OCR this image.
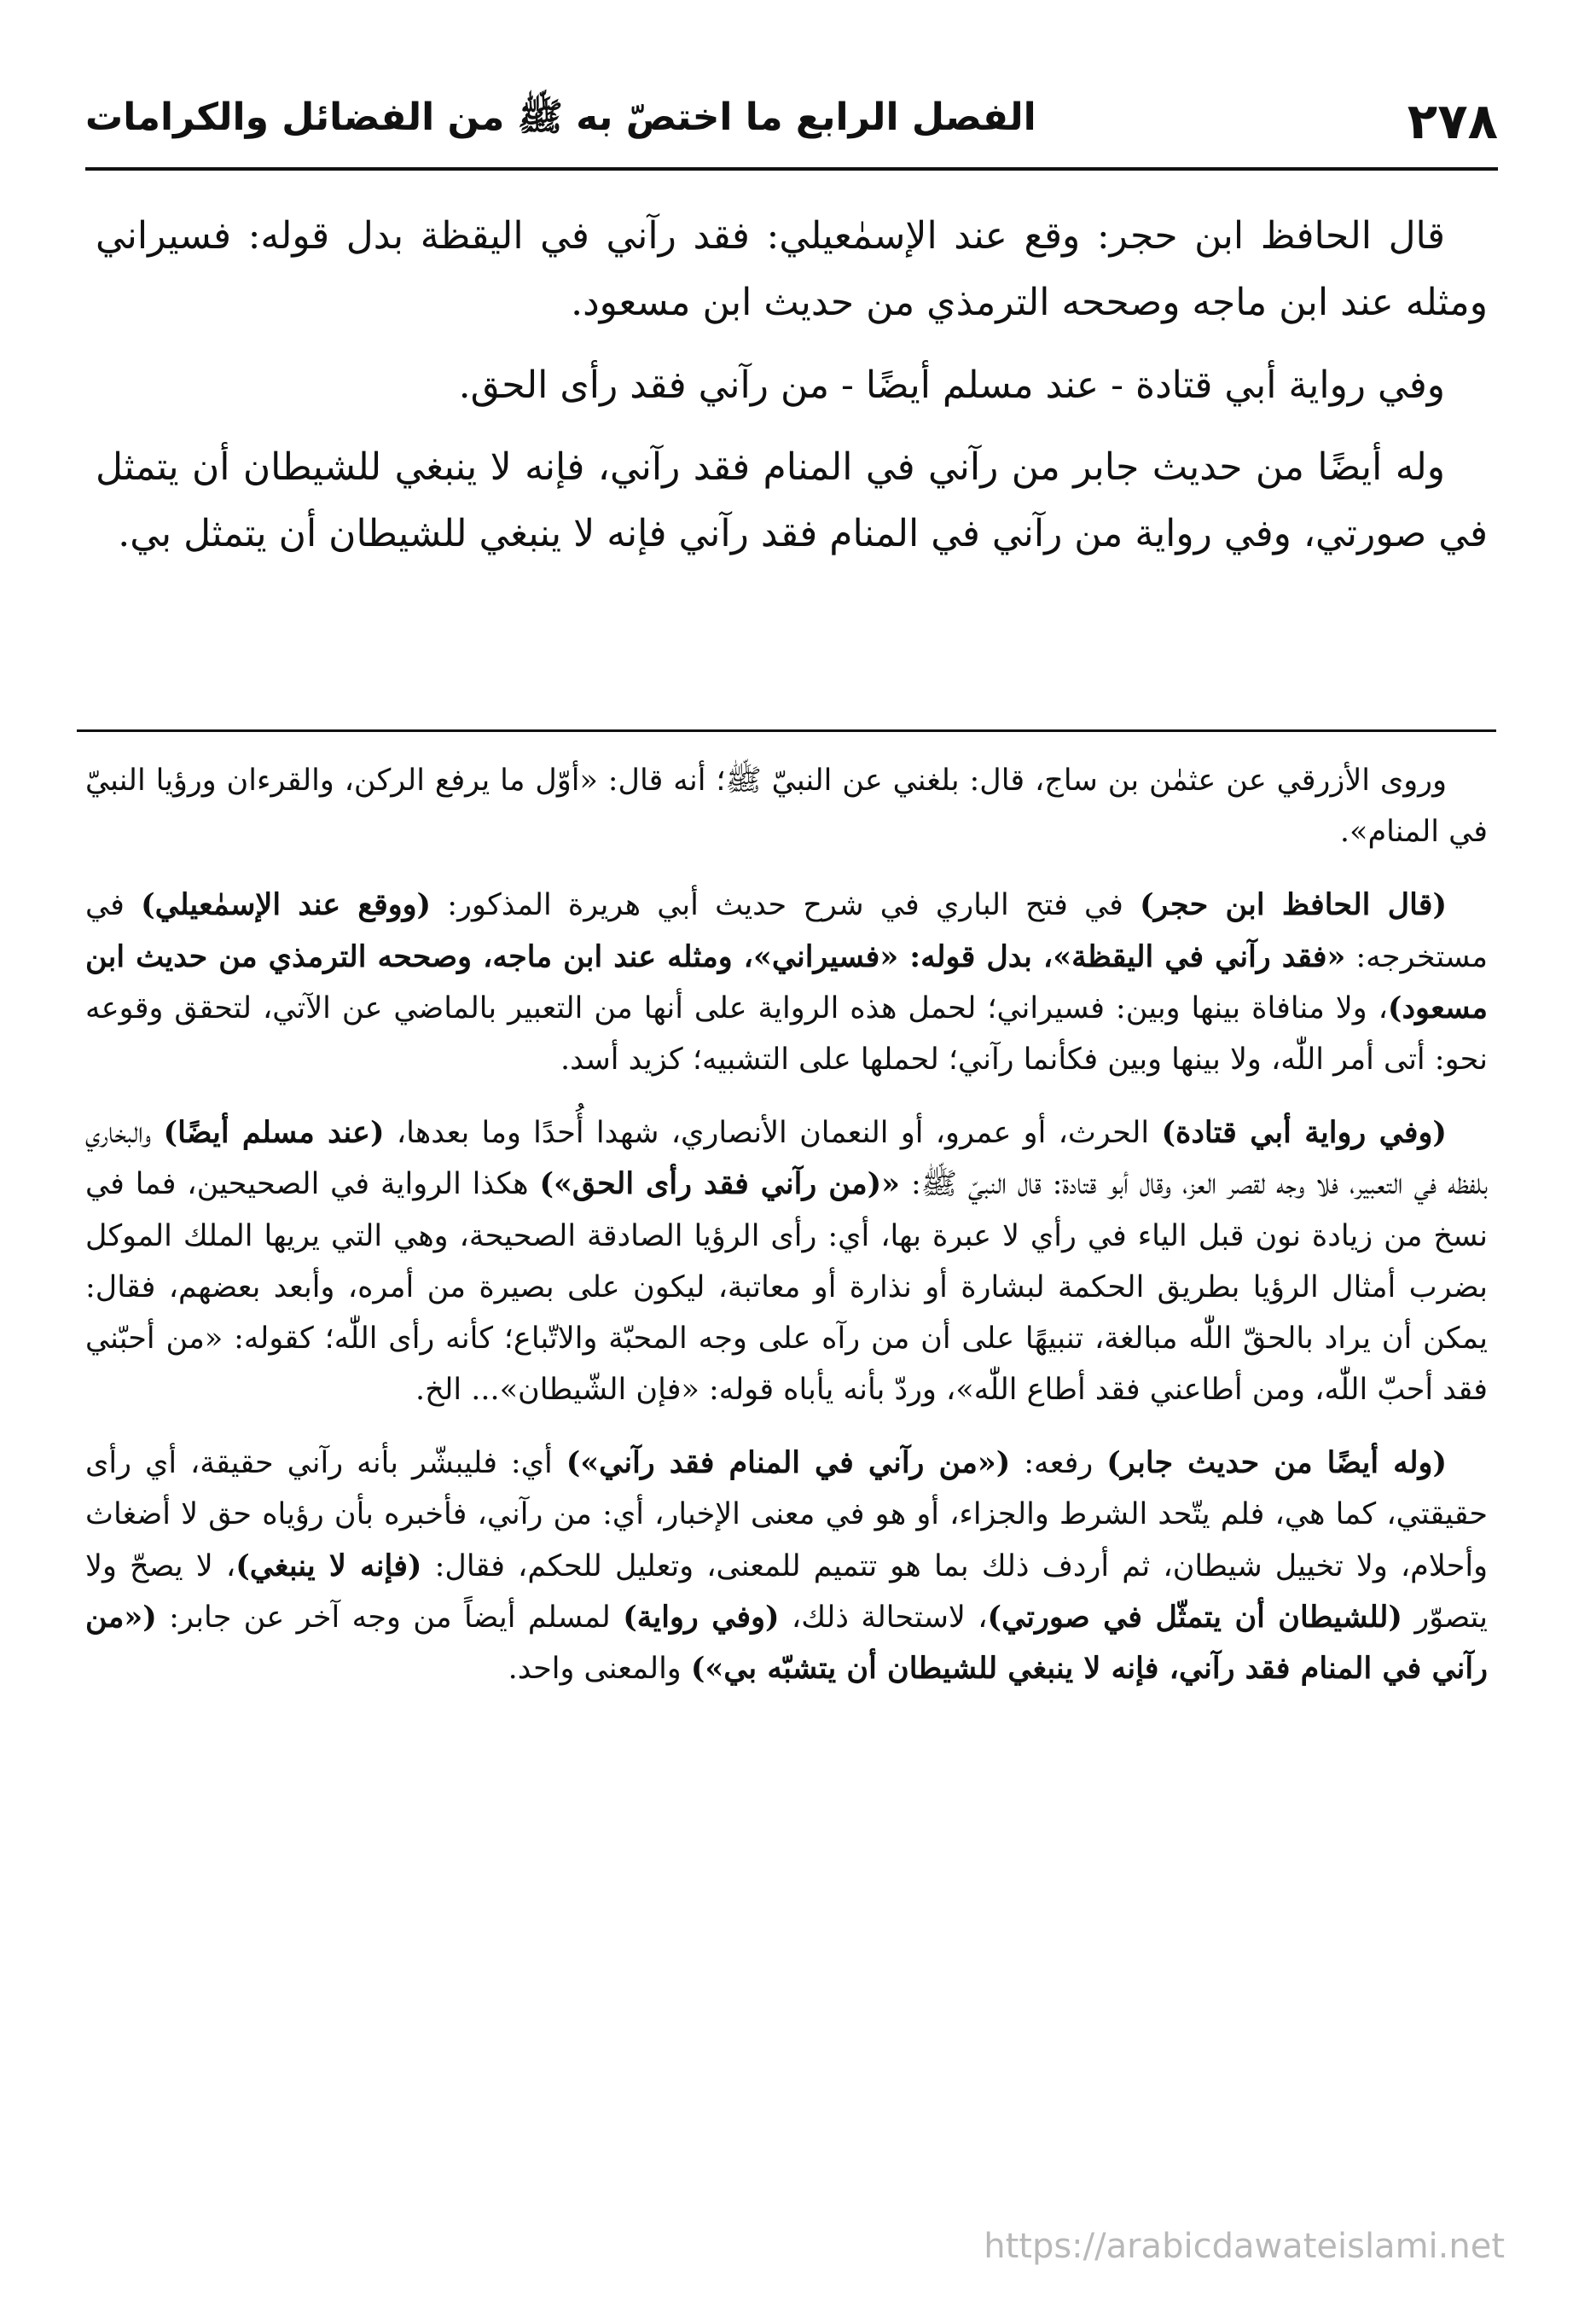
٢٧٨
الفصل الرابع ما اختصّ به ﷺ من الفضائل والكرامات

قال الحافظ ابن حجر: وقع عند الإسمٰعيلي: فقد رآني في اليقظة بدل قوله: فسيراني ومثله عند ابن ماجه وصححه الترمذي من حديث ابن مسعود.

وفي رواية أبي قتادة - عند مسلم أيضًا - من رآني فقد رأى الحق.

وله أيضًا من حديث جابر من رآني في المنام فقد رآني، فإنه لا ينبغي للشيطان أن يتمثل في صورتي، وفي رواية من رآني في المنام فقد رآني فإنه لا ينبغي للشيطان أن يتمثل بي.

وروى الأزرقي عن عثمٰن بن ساج، قال: بلغني عن النبيّ ﷺ؛ أنه قال: «أوّل ما يرفع الركن، والقرءان ورؤيا النبيّ في المنام».

(قال الحافظ ابن حجر) في فتح الباري في شرح حديث أبي هريرة المذكور: (ووقع عند الإسمٰعيلي) في مستخرجه: «فقد رآني في اليقظة»، بدل قوله: «فسيراني»، ومثله عند ابن ماجه، وصححه الترمذي من حديث ابن مسعود)، ولا منافاة بينها وبين: فسيراني؛ لحمل هذه الرواية على أنها من التعبير بالماضي عن الآتي، لتحقق وقوعه نحو: أتى أمر اللّٰه، ولا بينها وبين فكأنما رآني؛ لحملها على التشبيه؛ كزيد أسد.

(وفي رواية أبي قتادة) الحرث، أو عمرو، أو النعمان الأنصاري، شهدا أُحدًا وما بعدها، (عند مسلم أيضًا) والبخاري بلفظه في التعبير، فلا وجه لقصر العز، وقال أبو قتادة: قال النبيّ ﷺ: «(من رآني فقد رأى الحق») هكذا الرواية في الصحيحين، فما في نسخ من زيادة نون قبل الياء في رأي لا عبرة بها، أي: رأى الرؤيا الصادقة الصحيحة، وهي التي يريها الملك الموكل بضرب أمثال الرؤيا بطريق الحكمة لبشارة أو نذارة أو معاتبة، ليكون على بصيرة من أمره، وأبعد بعضهم، فقال: يمكن أن يراد بالحقّ اللّٰه مبالغة، تنبيهًا على أن من رآه على وجه المحبّة والاتّباع؛ كأنه رأى اللّٰه؛ كقوله: «من أحبّني فقد أحبّ اللّٰه، ومن أطاعني فقد أطاع اللّٰه»، وردّ بأنه يأباه قوله: «فإن الشّيطان»... الخ.

(وله أيضًا من حديث جابر) رفعه: («من رآني في المنام فقد رآني») أي: فليبشّر بأنه رآني حقيقة، أي رأى حقيقتي، كما هي، فلم يتّحد الشرط والجزاء، أو هو في معنى الإخبار، أي: من رآني، فأخبره بأن رؤياه حق لا أضغاث وأحلام، ولا تخييل شيطان، ثم أردف ذلك بما هو تتميم للمعنى، وتعليل للحكم، فقال: (فإنه لا ينبغي)، لا يصحّ ولا يتصوّر (للشيطان أن يتمثّل في صورتي)، لاستحالة ذلك، (وفي رواية) لمسلم أيضاً من وجه آخر عن جابر: («من رآني في المنام فقد رآني، فإنه لا ينبغي للشيطان أن يتشبّه بي») والمعنى واحد.

https://arabicdawateislami.net
